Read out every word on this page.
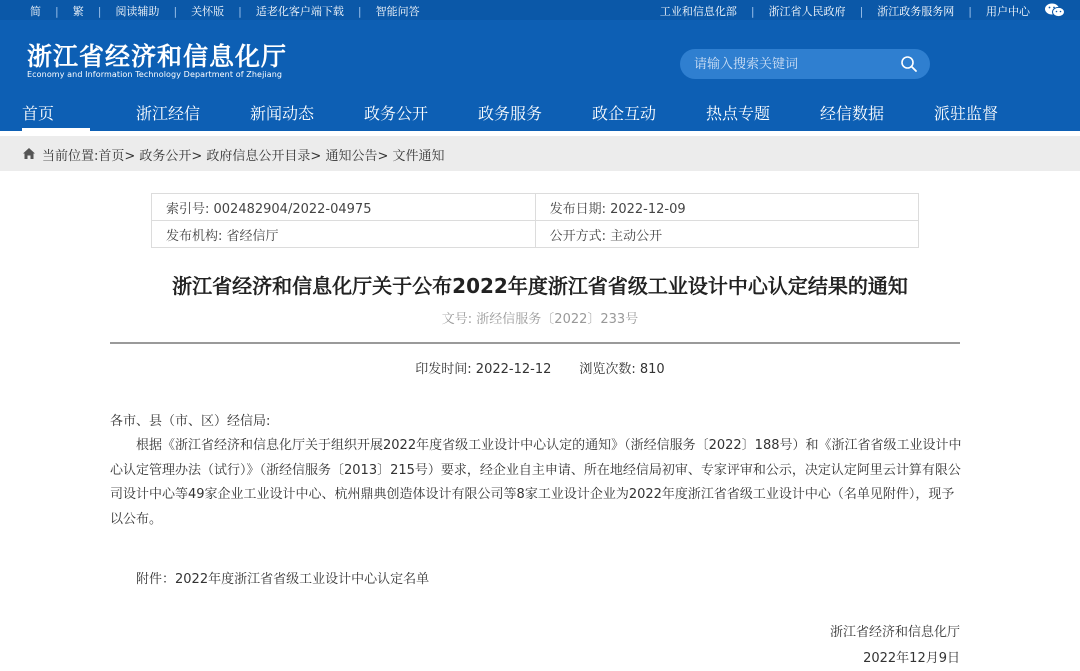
简 | 繁 | 阅读辅助 | 关怀版 | 适老化客户端下载 | 智能问答	工业和信息化部 | 浙江省人民政府 | 浙江政务服务网 | 用户中心
浙江省经济和信息化厅
Economy and Information Technology Department of Zhejiang
请输入搜索关键词
首页	浙江经信	新闻动态	政务公开	政务服务	政企互动	热点专题	经信数据	派驻监督
当前位置:首页> 政务公开> 政府信息公开目录> 通知公告> 文件通知
索引号: 002482904/2022-04975	发布日期: 2022-12-09
发布机构: 省经信厅	公开方式: 主动公开
浙江省经济和信息化厅关于公布2022年度浙江省省级工业设计中心认定结果的通知
文号: 浙经信服务〔2022〕233号
印发时间: 2022-12-12 浏览次数: 810
各市、县（市、区）经信局:
根据《浙江省经济和信息化厅关于组织开展2022年度省级工业设计中心认定的通知》（浙经信服务〔2022〕188号）和《浙江省省级工业设计中心认定管理办法（试行）》（浙经信服务〔2013〕215号）要求，经企业自主申请、所在地经信局初审、专家评审和公示，决定认定阿里云计算有限公司设计中心等49家企业工业设计中心、杭州鼎典创造体设计有限公司等8家工业设计企业为2022年度浙江省省级工业设计中心（名单见附件），现予以公布。
附件：2022年度浙江省省级工业设计中心认定名单
浙江省经济和信息化厅
2022年12月9日
